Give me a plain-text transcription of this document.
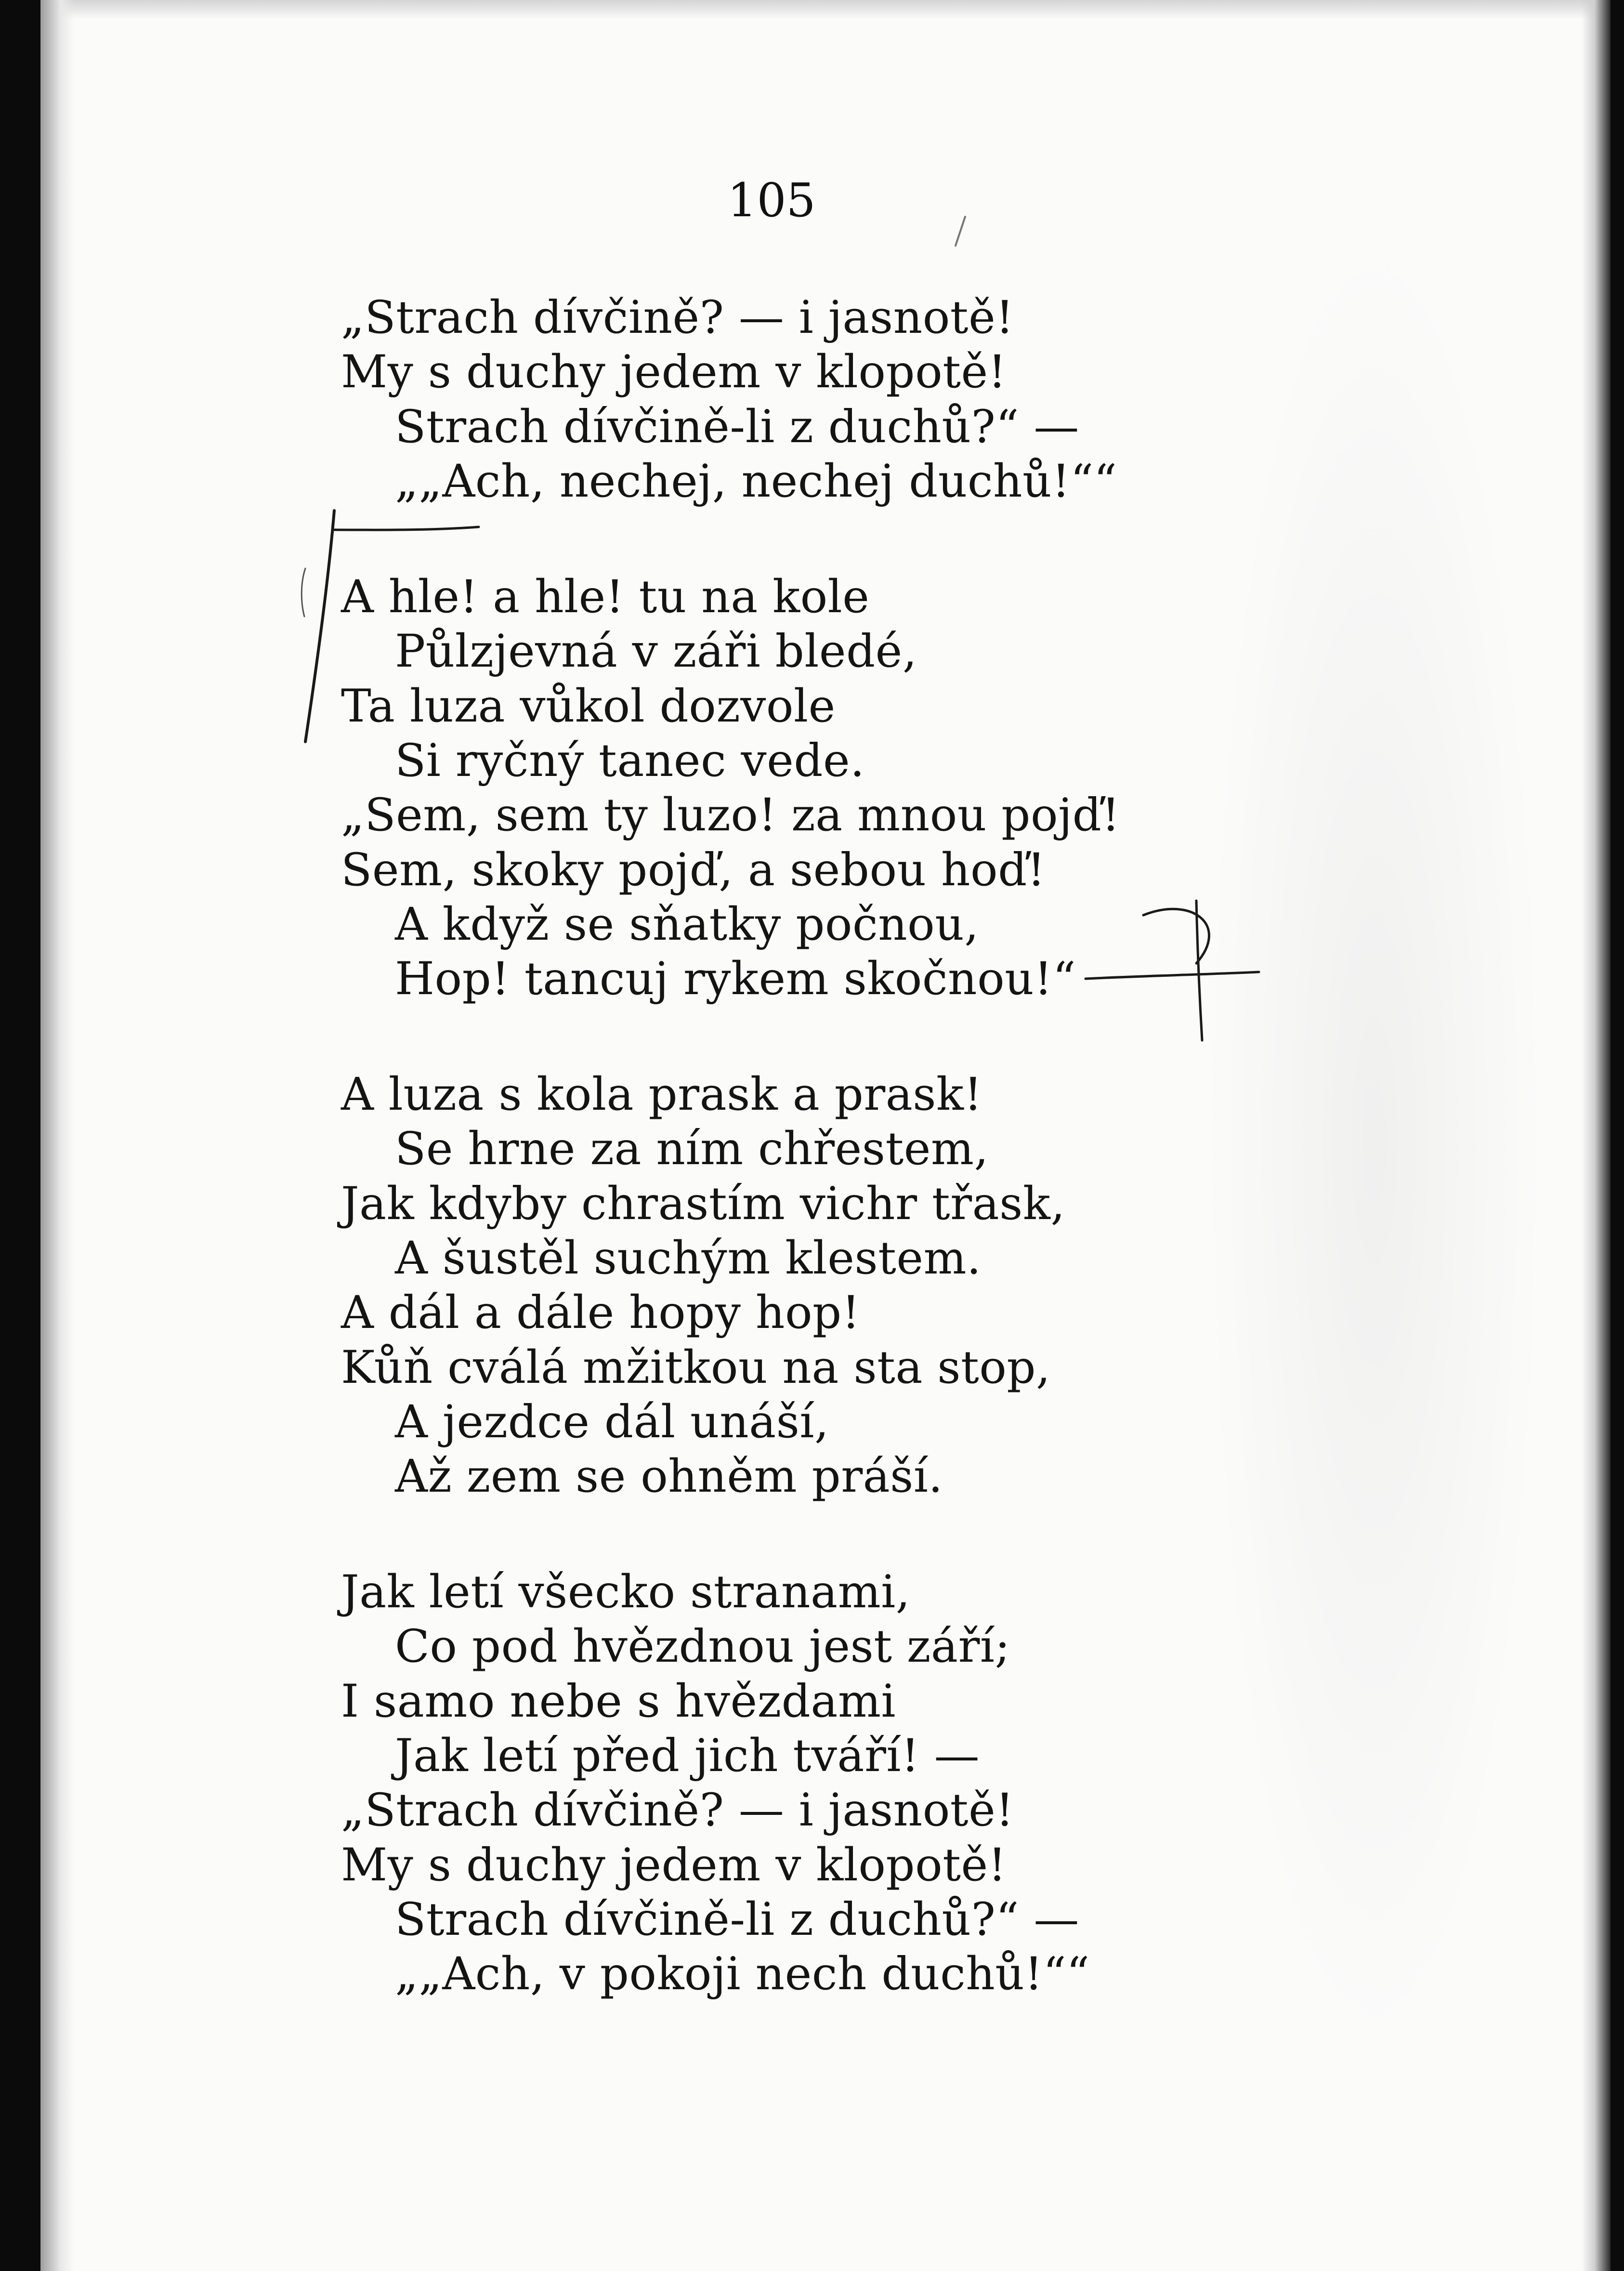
105
„Strach dívčině? — i jasnotě!
My s duchy jedem v klopotě!
Strach dívčině-li z duchů?“ —
„„Ach, nechej, nechej duchů!““
A hle! a hle! tu na kole
Půlzjevná v záři bledé,
Ta luza vůkol dozvole
Si ryčný tanec vede.
„Sem, sem ty luzo! za mnou pojď!
Sem, skoky pojď, a sebou hoď!
A když se sňatky počnou,
Hop! tancuj rykem skočnou!“
A luza s kola prask a prask!
Se hrne za ním chřestem,
Jak kdyby chrastím vichr třask,
A šustěl suchým klestem.
A dál a dále hopy hop!
Kůň cválá mžitkou na sta stop,
A jezdce dál unáší,
Až zem se ohněm práší.
Jak letí všecko stranami,
Co pod hvězdnou jest září;
I samo nebe s hvězdami
Jak letí před jich tváří! —
„Strach dívčině? — i jasnotě!
My s duchy jedem v klopotě!
Strach dívčině-li z duchů?“ —
„„Ach, v pokoji nech duchů!““
